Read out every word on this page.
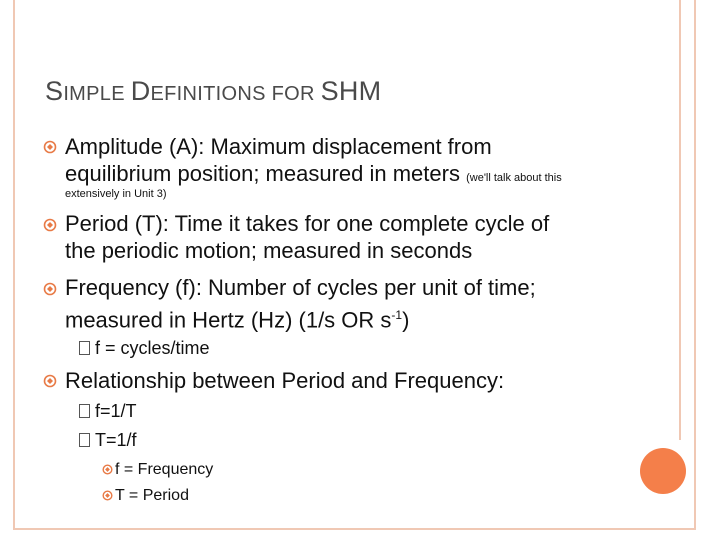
SIMPLE DEFINITIONS FOR SHM
Amplitude (A): Maximum displacement from
equilibrium position; measured in meters (we'll talk about this
extensively in Unit 3)
Period (T): Time it takes for one complete cycle of
the periodic motion; measured in seconds
Frequency (f): Number of cycles per unit of time;
measured in Hertz (Hz) (1/s OR $s^{-1}$)
f = cycles/time
Relationship between Period and Frequency:
f=1/T
T=1/f
f = Frequency
T = Period
